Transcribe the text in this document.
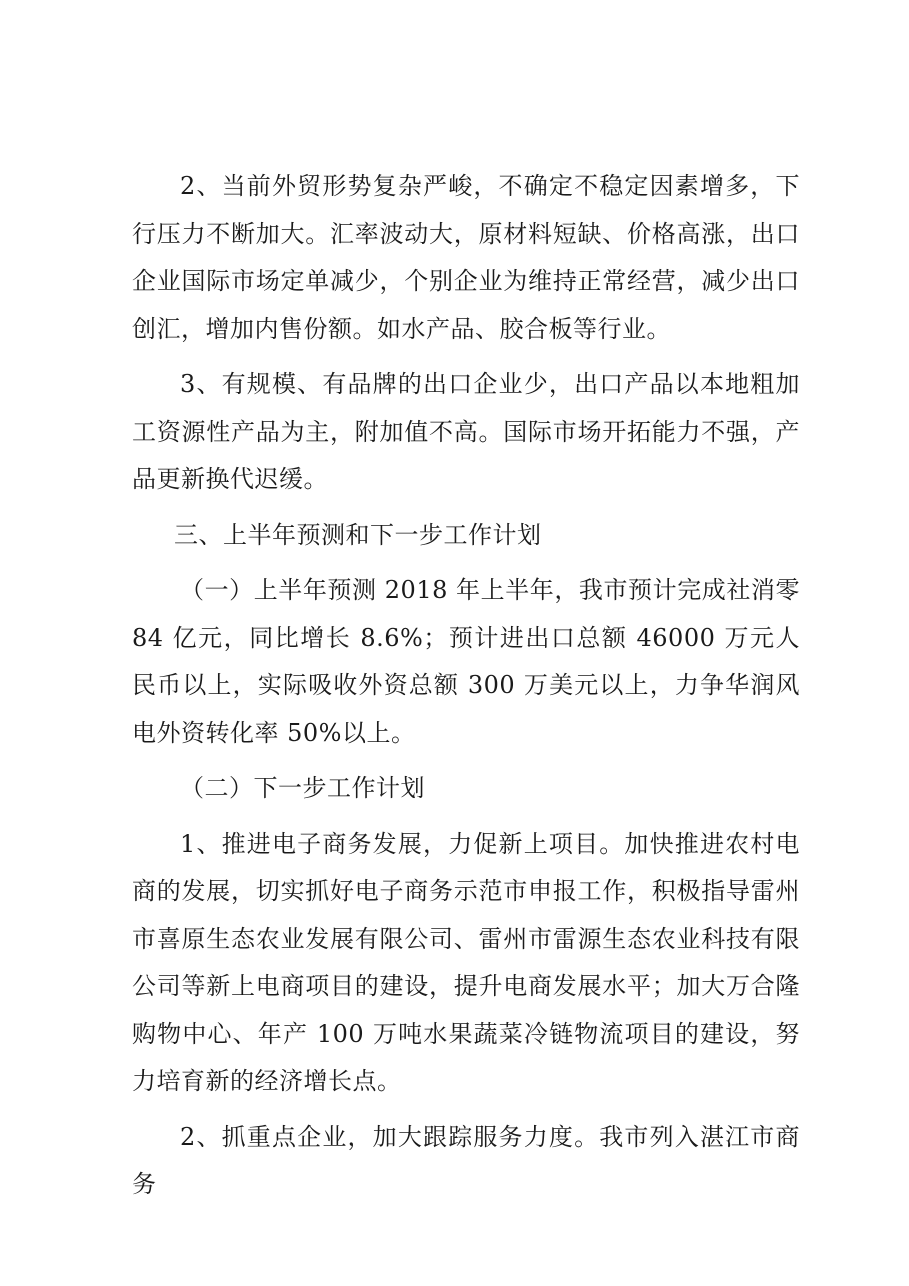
2、当前外贸形势复杂严峻，不确定不稳定因素增多，下行压力不断加大。汇率波动大，原材料短缺、价格高涨，出口企业国际市场定单减少，个别企业为维持正常经营，减少出口创汇，增加内售份额。如水产品、胶合板等行业。

3、有规模、有品牌的出口企业少，出口产品以本地粗加工资源性产品为主，附加值不高。国际市场开拓能力不强，产品更新换代迟缓。

三、上半年预测和下一步工作计划

（一）上半年预测 2018 年上半年，我市预计完成社消零 84 亿元，同比增长 8.6%；预计进出口总额 46000 万元人民币以上，实际吸收外资总额 300 万美元以上，力争华润风电外资转化率 50%以上。

（二）下一步工作计划

1、推进电子商务发展，力促新上项目。加快推进农村电商的发展，切实抓好电子商务示范市申报工作，积极指导雷州市喜原生态农业发展有限公司、雷州市雷源生态农业科技有限公司等新上电商项目的建设，提升电商发展水平；加大万合隆购物中心、年产 100 万吨水果蔬菜冷链物流项目的建设，努力培育新的经济增长点。

2、抓重点企业，加大跟踪服务力度。我市列入湛江市商务
